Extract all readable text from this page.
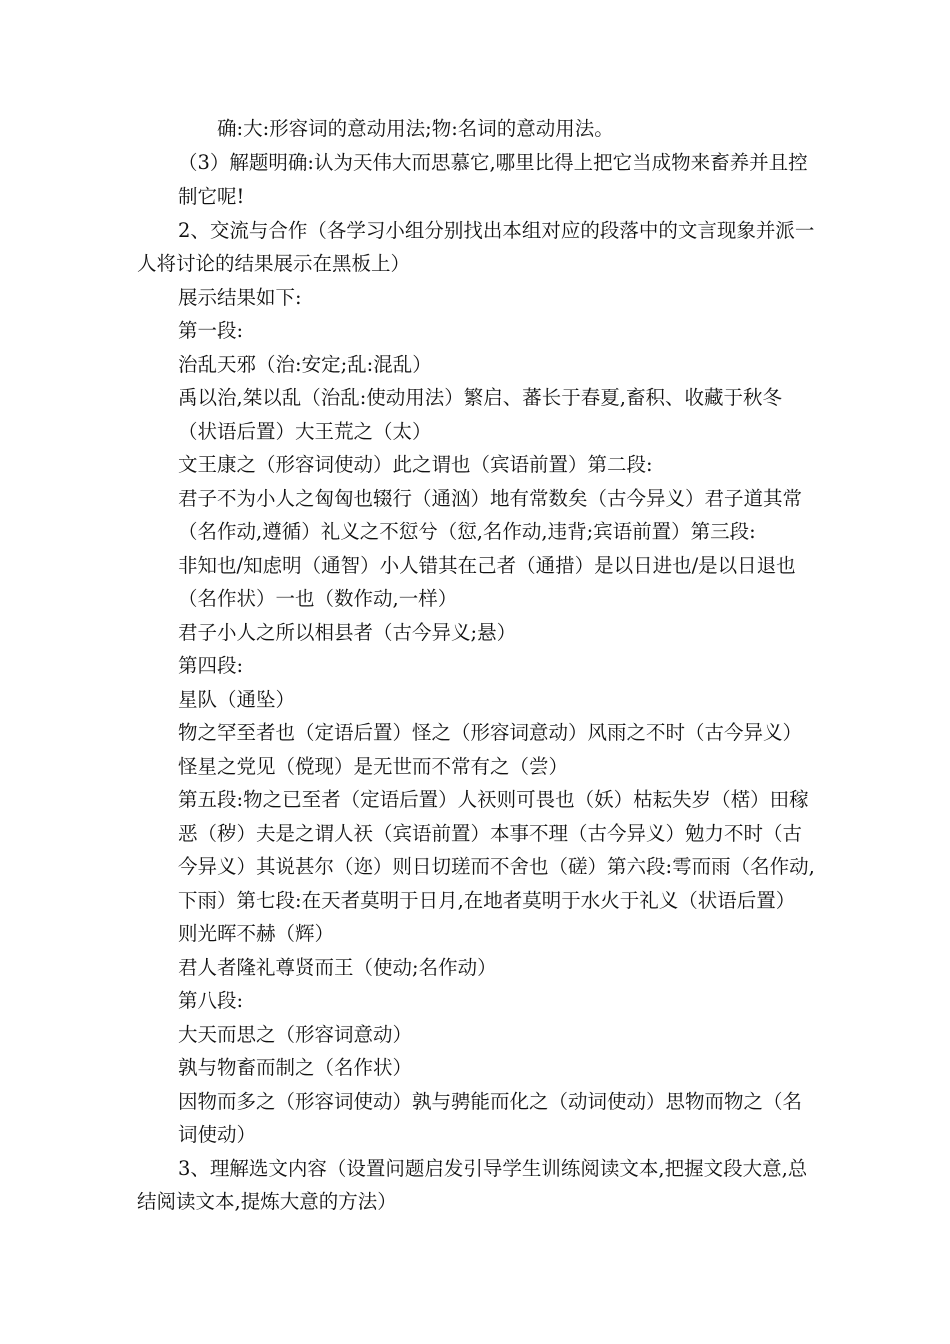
确:大:形容词的意动用法;物:名词的意动用法。
（3）解题明确:认为天伟大而思慕它,哪里比得上把它当成物来畜养并且控
制它呢!
2、交流与合作（各学习小组分别找出本组对应的段落中的文言现象并派一
人将讨论的结果展示在黑板上）
展示结果如下:
第一段:
治乱天邪（治:安定;乱:混乱）
禹以治,桀以乱（治乱:使动用法）繁启、蕃长于春夏,畜积、收藏于秋冬
（状语后置）大王荒之（太）
文王康之（形容词使动）此之谓也（宾语前置）第二段:
君子不为小人之匈匈也辍行（通汹）地有常数矣（古今异义）君子道其常
（名作动,遵循）礼义之不愆兮（愆,名作动,违背;宾语前置）第三段:
非知也/知虑明（通智）小人错其在己者（通措）是以日进也/是以日退也
（名作状）一也（数作动,一样）
君子小人之所以相县者（古今异义;悬）
第四段:
星队（通坠）
物之罕至者也（定语后置）怪之（形容词意动）风雨之不时（古今异义）
怪星之党见（傥现）是无世而不常有之（尝）
第五段:物之已至者（定语后置）人祆则可畏也（妖）枯耘失岁（楛）田稼
恶（秽）夫是之谓人祆（宾语前置）本事不理（古今异义）勉力不时（古
今异义）其说甚尔（迩）则日切瑳而不舍也（磋）第六段:雩而雨（名作动,
下雨）第七段:在天者莫明于日月,在地者莫明于水火于礼义（状语后置）
则光晖不赫（辉）
君人者隆礼尊贤而王（使动;名作动）
第八段:
大天而思之（形容词意动）
孰与物畜而制之（名作状）
因物而多之（形容词使动）孰与骋能而化之（动词使动）思物而物之（名
词使动）
3、理解选文内容（设置问题启发引导学生训练阅读文本,把握文段大意,总
结阅读文本,提炼大意的方法）
